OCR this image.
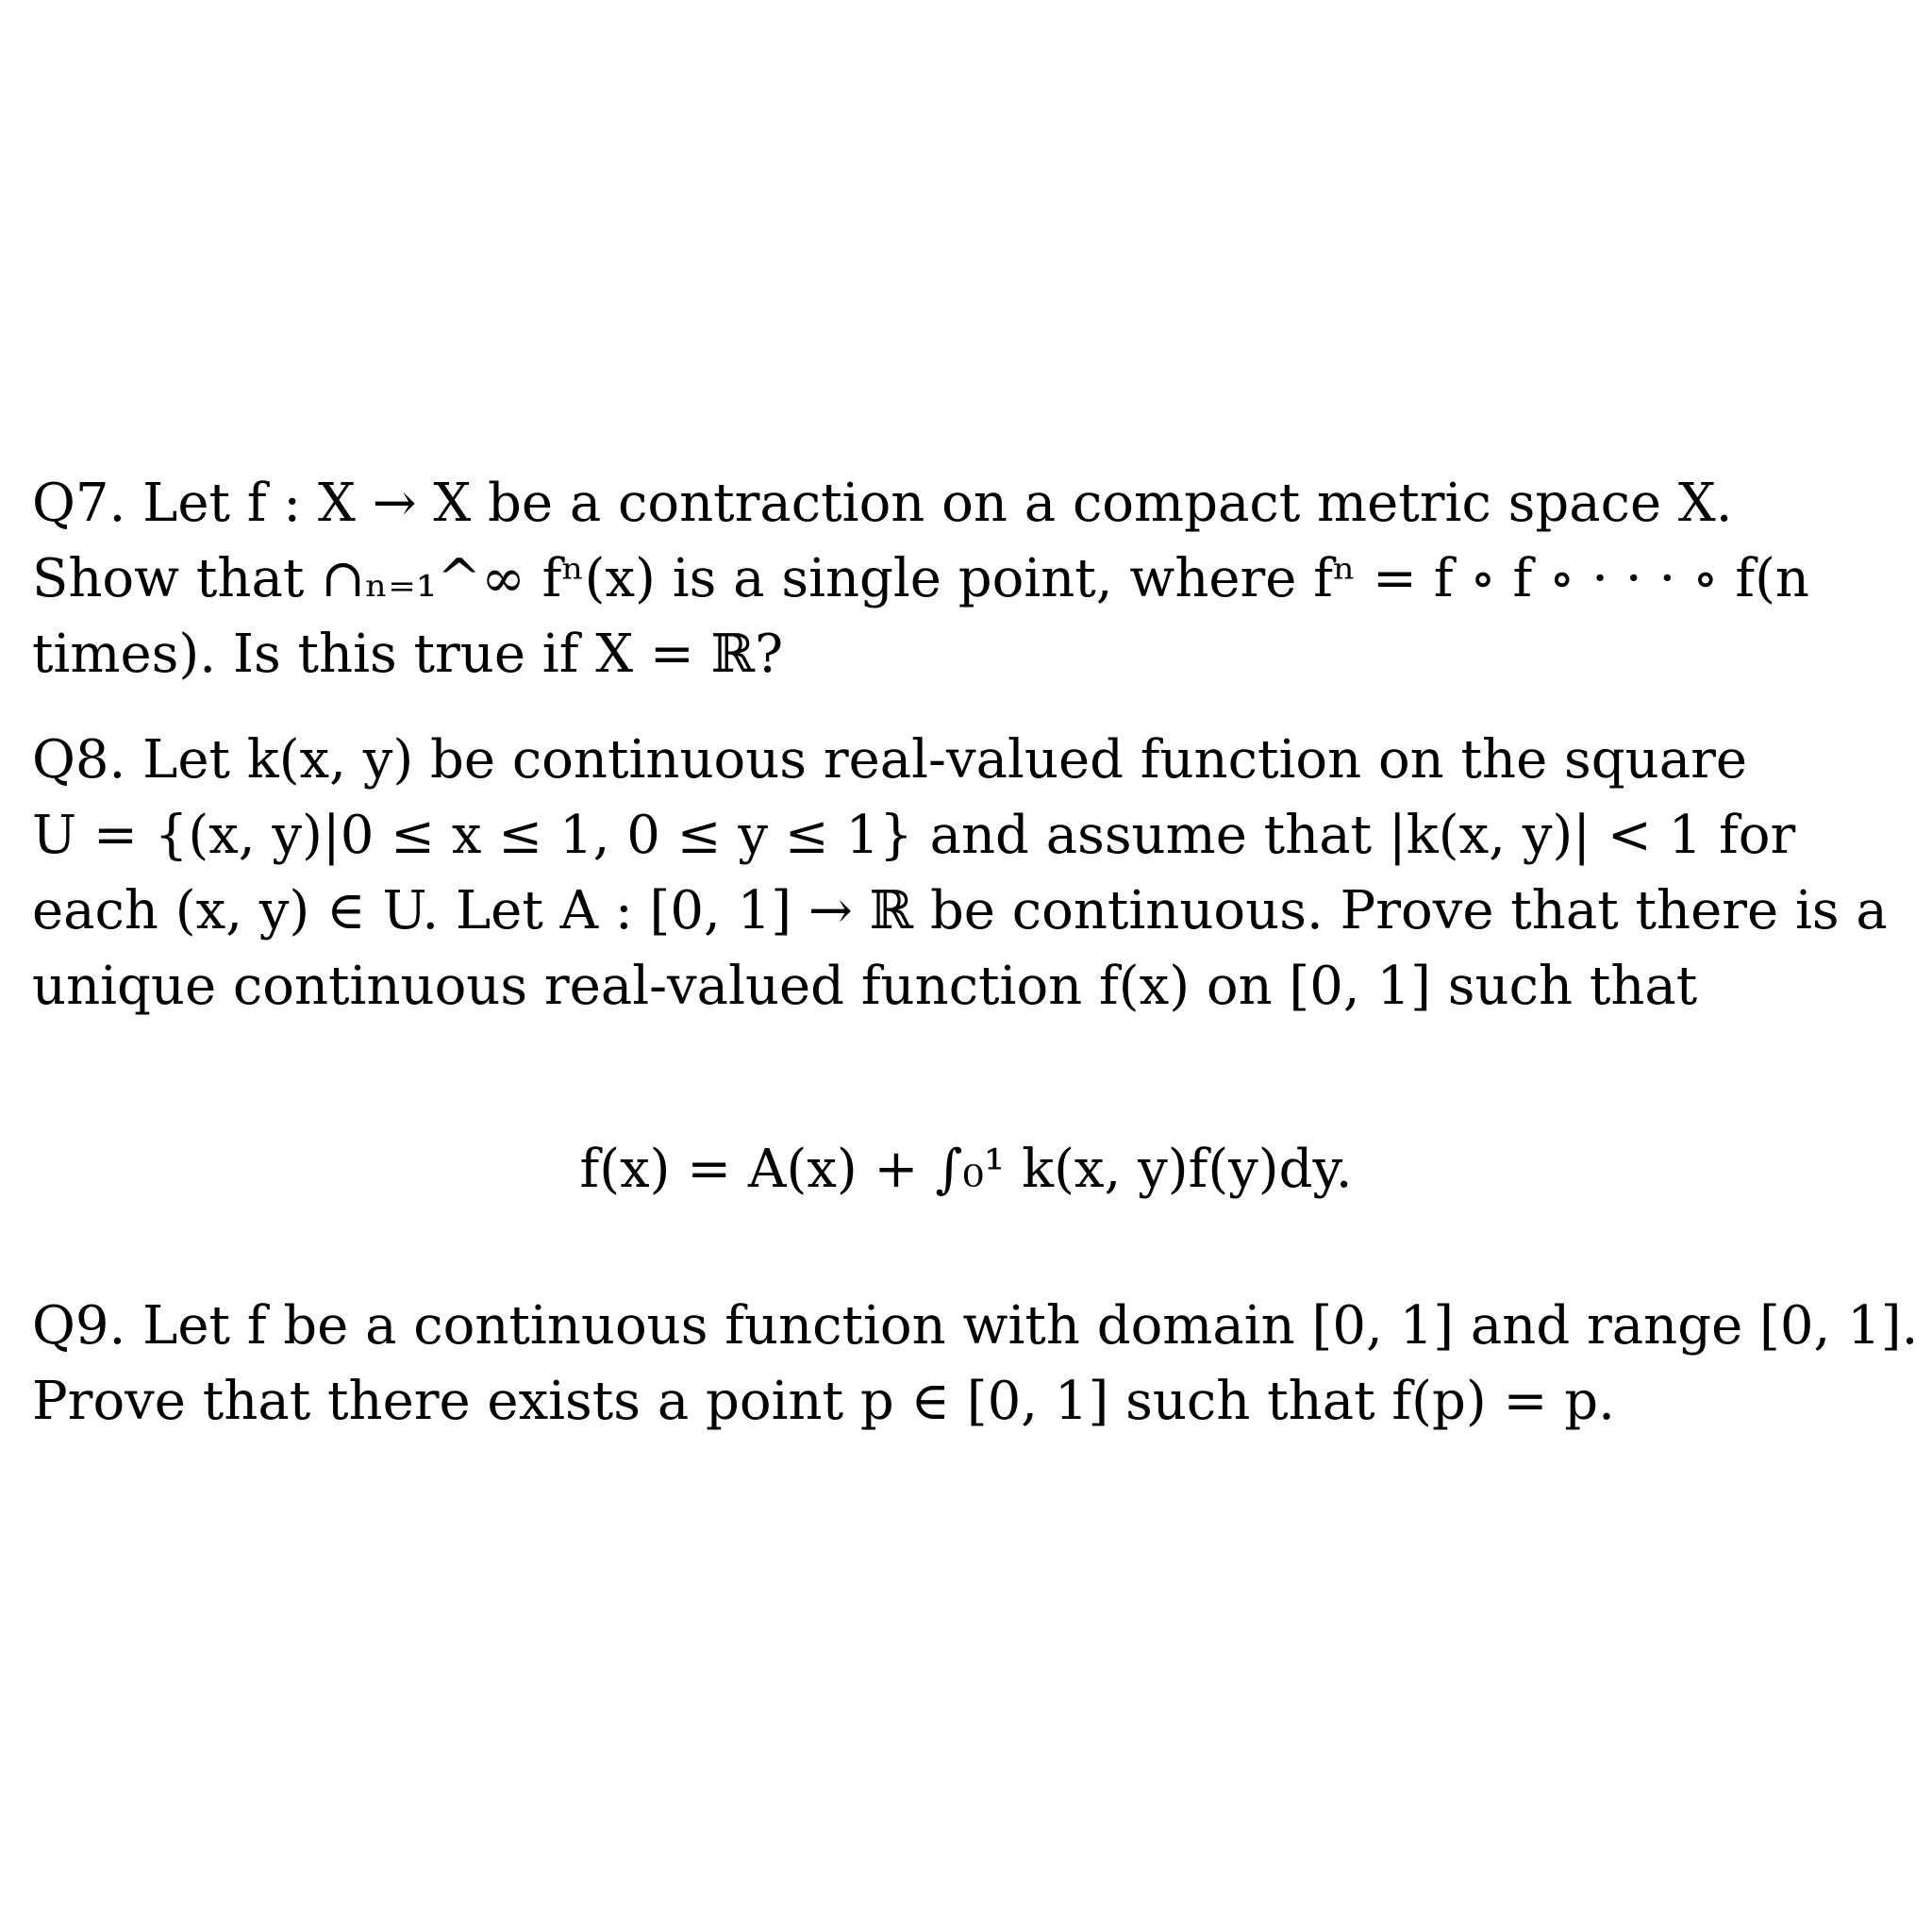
Q7. Let f : X → X be a contraction on a compact metric space X.
Show that ∩ₙ₌₁^∞ fⁿ(x) is a single point, where fⁿ = f ∘ f ∘ · · · ∘ f(n
times). Is this true if X = ℝ?
Q8. Let k(x, y) be continuous real-valued function on the square
U = {(x, y)|0 ≤ x ≤ 1, 0 ≤ y ≤ 1} and assume that |k(x, y)| < 1 for
each (x, y) ∈ U. Let A : [0, 1] → ℝ be continuous. Prove that there is a
unique continuous real-valued function f(x) on [0, 1] such that
f(x) = A(x) + ∫₀¹ k(x, y)f(y)dy.
Q9. Let f be a continuous function with domain [0, 1] and range [0, 1].
Prove that there exists a point p ∈ [0, 1] such that f(p) = p.
